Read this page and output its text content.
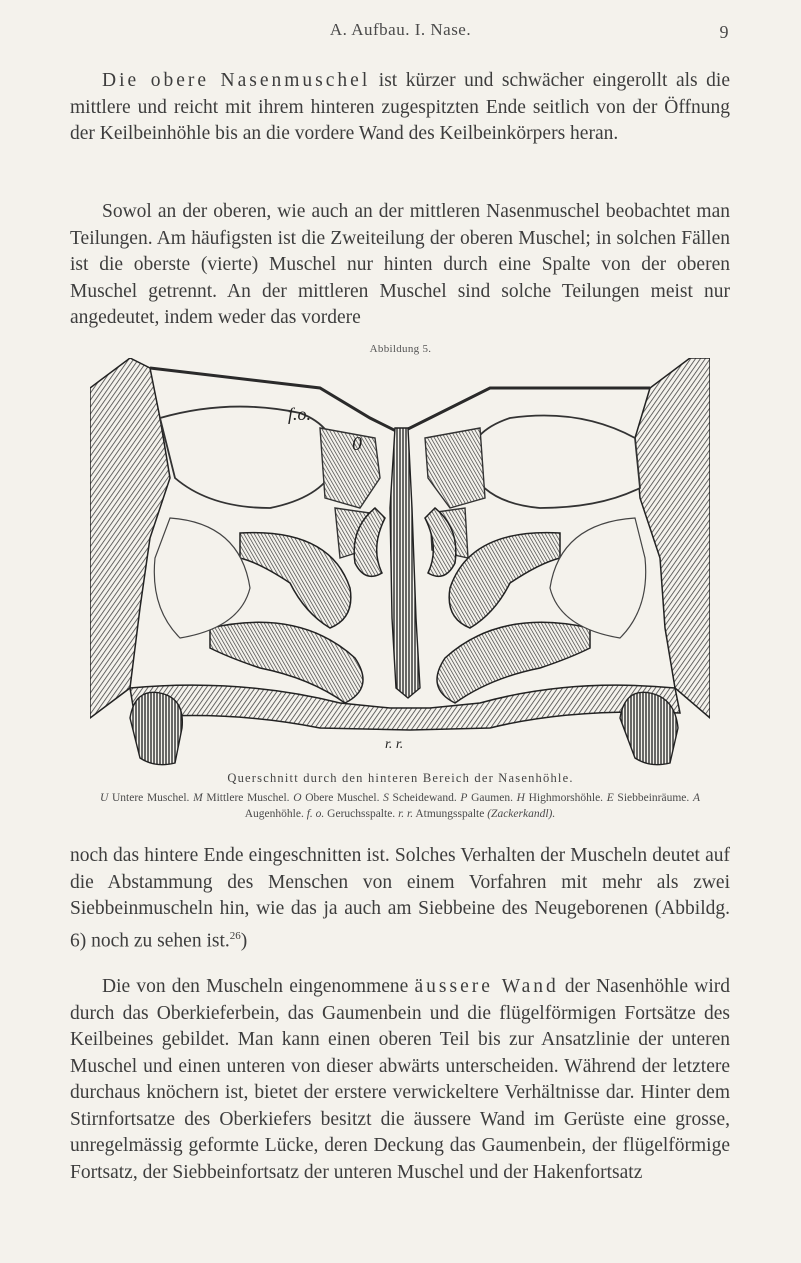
A. Aufbau. I. Nase.	9

Die obere Nasenmuschel ist kürzer und schwächer eingerollt als die mittlere und reicht mit ihrem hinteren zugespitzten Ende seitlich von der Öffnung der Keilbeinhöhle bis an die vordere Wand des Keilbeinkörpers heran.

Sowol an der oberen, wie auch an der mittleren Nasenmuschel beobachtet man Teilungen. Am häufigsten ist die Zweiteilung der oberen Muschel; in solchen Fällen ist die oberste (vierte) Muschel nur hinten durch eine Spalte von der oberen Muschel getrennt. An der mittleren Muschel sind solche Teilungen meist nur angedeutet, indem weder das vordere

Abbildung 5.
f.o.
0
r. r.
Querschnitt durch den hinteren Bereich der Nasenhöhle.
U Untere Muschel. M Mittlere Muschel. O Obere Muschel. S Scheidewand. P Gaumen. H Highmorshöhle. E Siebbeinräume. A Augenhöhle. f. o. Geruchsspalte. r. r. Atmungsspalte (Zackerkandl).

noch das hintere Ende eingeschnitten ist. Solches Verhalten der Muscheln deutet auf die Abstammung des Menschen von einem Vorfahren mit mehr als zwei Siebbeinmuscheln hin, wie das ja auch am Siebbeine des Neugeborenen (Abbildg. 6) noch zu sehen ist.$^{26}$)

Die von den Muscheln eingenommene äussere Wand der Nasenhöhle wird durch das Oberkieferbein, das Gaumenbein und die flügelförmigen Fortsätze des Keilbeines gebildet. Man kann einen oberen Teil bis zur Ansatzlinie der unteren Muschel und einen unteren von dieser abwärts unterscheiden. Während der letztere durchaus knöchern ist, bietet der erstere verwickeltere Verhältnisse dar. Hinter dem Stirnfortsatze des Oberkiefers besitzt die äussere Wand im Gerüste eine grosse, unregelmässig geformte Lücke, deren Deckung das Gaumenbein, der flügelförmige Fortsatz, der Siebbeinfortsatz der unteren Muschel und der Hakenfortsatz
